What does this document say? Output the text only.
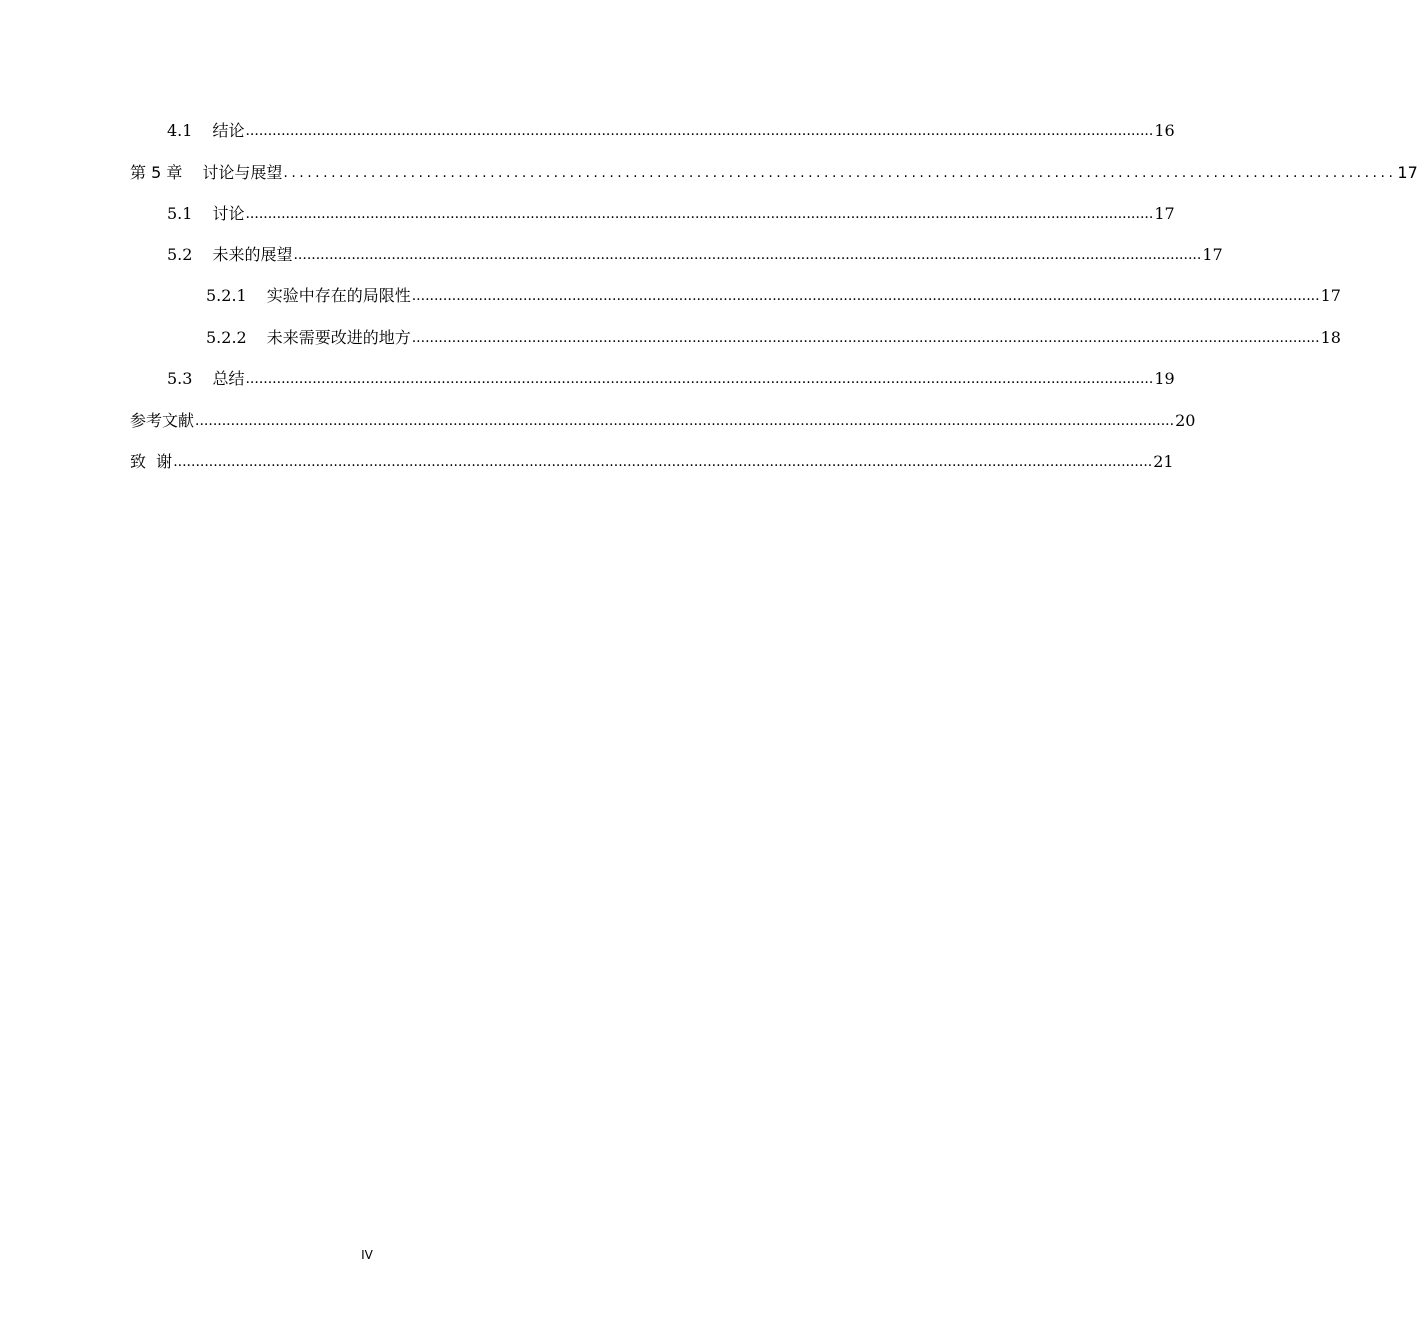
4.1	结论 ............................................................................................................................................................................................................ 16
第 5 章	讨论与展望 ............................................................................................................................................ 17
5.1	讨论 ............................................................................................................................................................................................................ 17
5.2	未来的展望 ............................................................................................................................................................................................................ 17
5.2.1	实验中存在的局限性 ............................................................................................................................................................................................................ 17
5.2.2	未来需要改进的地方 ............................................................................................................................................................................................................ 18
5.3	总结 ............................................................................................................................................................................................................ 19
参考文献 ............................................................................................................................................................................................................................ 20
致  谢 ............................................................................................................................................................................................................................ 21
IV
